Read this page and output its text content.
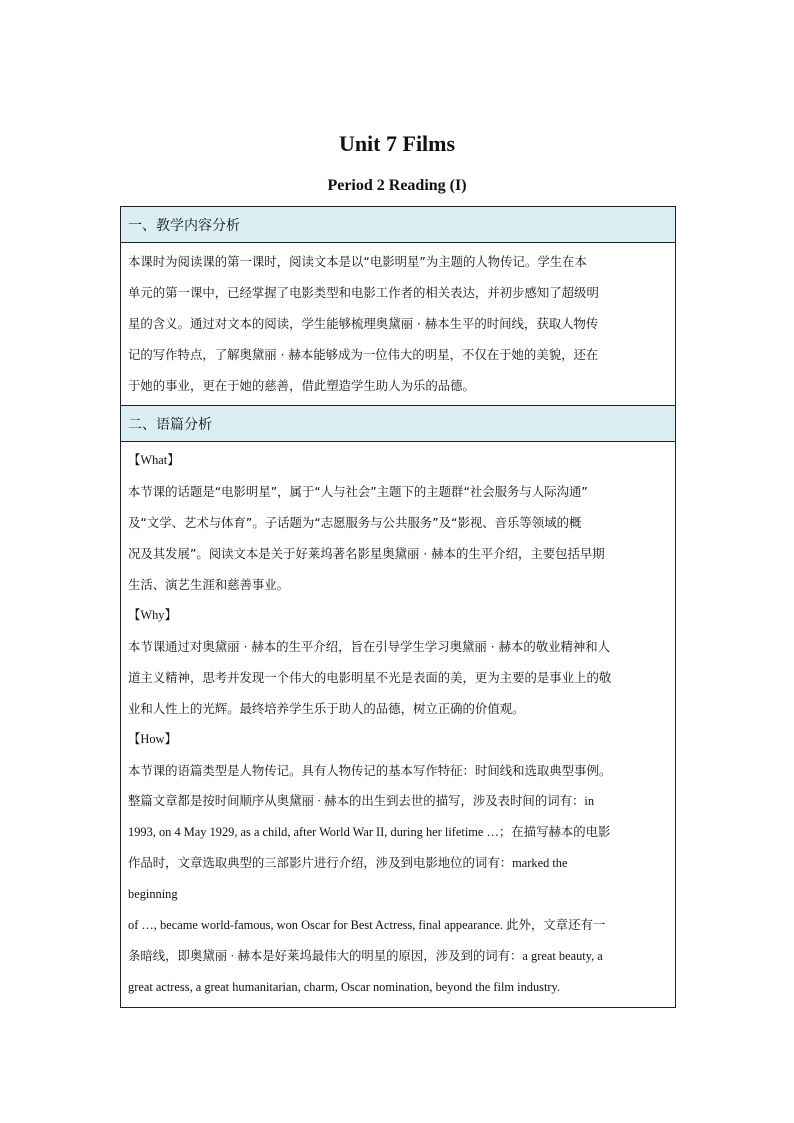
Unit 7 Films
Period 2 Reading (I)
一、教学内容分析
本课时为阅读课的第一课时，阅读文本是以“电影明星”为主题的人物传记。学生在本
单元的第一课中，已经掌握了电影类型和电影工作者的相关表达，并初步感知了超级明
星的含义。通过对文本的阅读，学生能够梳理奥黛丽 · 赫本生平的时间线，获取人物传
记的写作特点，了解奥黛丽 · 赫本能够成为一位伟大的明星，不仅在于她的美貌，还在
于她的事业，更在于她的慈善，借此塑造学生助人为乐的品德。
二、语篇分析
【What】
本节课的话题是“电影明星”，属于“人与社会”主题下的主题群“社会服务与人际沟通”
及“文学、艺术与体育”。子话题为“志愿服务与公共服务”及“影视、音乐等领域的概
况及其发展”。阅读文本是关于好莱坞著名影星奥黛丽 · 赫本的生平介绍，主要包括早期
生活、演艺生涯和慈善事业。
【Why】
本节课通过对奥黛丽 · 赫本的生平介绍，旨在引导学生学习奥黛丽 · 赫本的敬业精神和人
道主义精神，思考并发现一个伟大的电影明星不光是表面的美，更为主要的是事业上的敬
业和人性上的光辉。最终培养学生乐于助人的品德，树立正确的价值观。
【How】
本节课的语篇类型是人物传记。具有人物传记的基本写作特征：时间线和选取典型事例。
整篇文章都是按时间顺序从奥黛丽 · 赫本的出生到去世的描写，涉及表时间的词有：in
1993, on 4 May 1929, as a child, after World War II, during her lifetime …；在描写赫本的电影
作品时，文章选取典型的三部影片进行介绍，涉及到电影地位的词有：marked the
beginning
of …, became world-famous, won Oscar for Best Actress, final appearance. 此外，文章还有一
条暗线，即奥黛丽 · 赫本是好莱坞最伟大的明星的原因，涉及到的词有：a great beauty, a
great actress, a great humanitarian, charm, Oscar nomination, beyond the film industry.
